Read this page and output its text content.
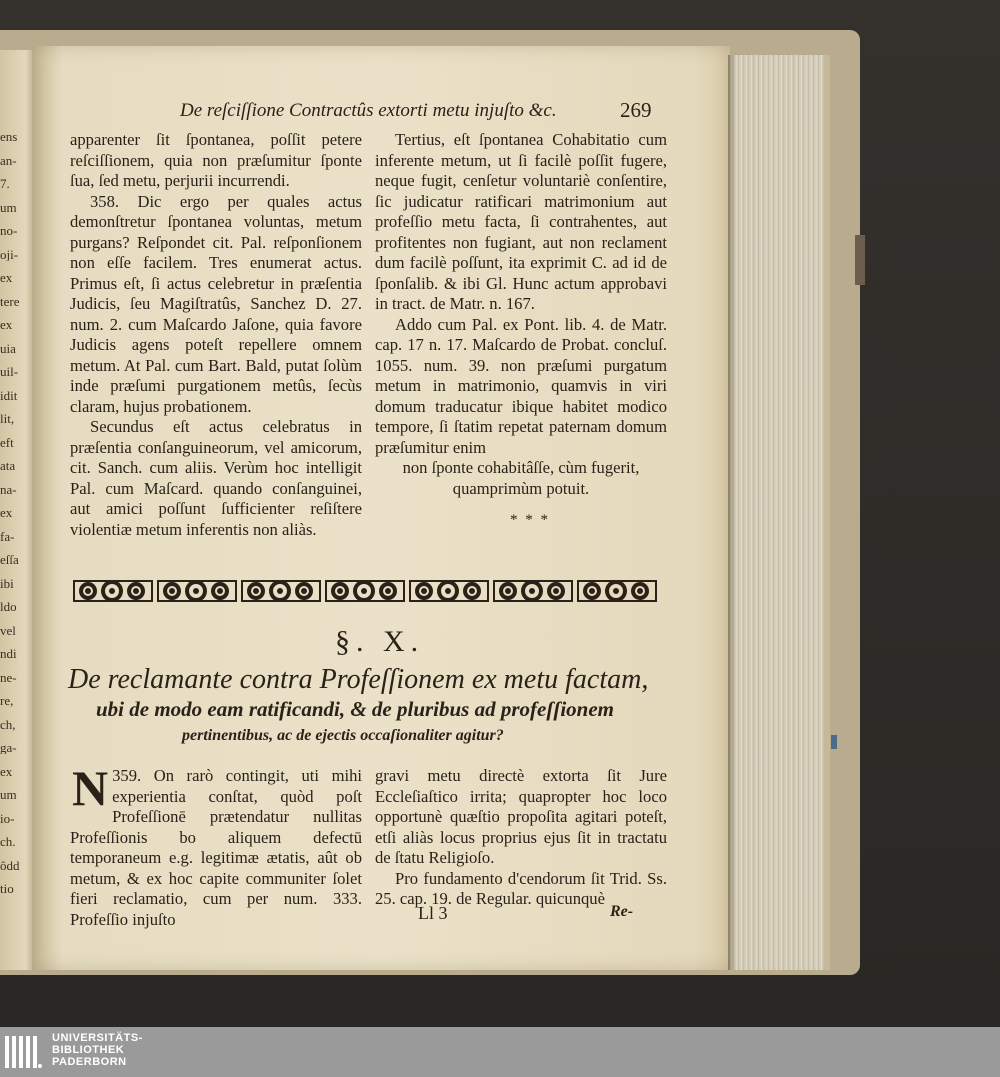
ens
an-
7.
um
no-
oji-
ex
tere
ex
uia
uil-
idit
lit,
eft
ata
na-
ex
fa-
eſſa
ibi
ldo
vel
ndi
ne-
re,
ch,
ga-
ex
um
io-
ch.
ôdd
tio
De reſciſſione Contractûs extorti metu injuſto &c.	269

apparenter ſit ſpontanea, poſſit petere reſciſſionem, quia non præſumitur ſponte ſua, ſed metu, perjurii incurrendi.

358. Dic ergo per quales actus demonſtretur ſpontanea voluntas, metum purgans? Reſpondet cit. Pal. reſponſionem non eſſe facilem. Tres enumerat actus. Primus eſt, ſi actus celebretur in præſentia Judicis, ſeu Magiſtratûs, Sanchez D. 27. num. 2. cum Maſcardo Jaſone, quia favore Judicis agens poteſt repellere omnem metum. At Pal. cum Bart. Bald, putat ſolùm inde præſumi purgationem metûs, ſecùs claram, hujus probationem.

Secundus eſt actus celebratus in præſentia conſanguineorum, vel amicorum, cit. Sanch. cum aliis. Verùm hoc intelligit Pal. cum Maſcard. quando conſanguinei, aut amici poſſunt ſufficienter reſiſtere violentiæ metum inferentis non aliàs.

Tertius, eſt ſpontanea Cohabitatio cum inferente metum, ut ſi facilè poſſit fugere, neque fugit, cenſetur voluntariè conſentire, ſic judicatur ratificari matrimonium aut profeſſio metu facta, ſi contrahentes, aut profitentes non fugiant, aut non reclament dum facilè poſſunt, ita exprimit C. ad id de ſponſalib. & ibi Gl. Hunc actum approbavi in tract. de Matr. n. 167.

Addo cum Pal. ex Pont. lib. 4. de Matr. cap. 17 n. 17. Maſcardo de Probat. concluſ. 1055. num. 39. non præſumi purgatum metum in matrimonio, quamvis in viri domum traducatur ibique habitet modico tempore, ſi ſtatim repetat paternam domum præſumitur enim

non ſponte cohabitâſſe, cùm fugerit, quamprimùm potuit.

* * *
§. X.
De reclamante contra Profeſſionem ex metu factam,
ubi de modo eam ratificandi, & de pluribus ad profeſſionem
pertinentibus, ac de ejectis occaſionaliter agitur?

359.
N	On rarò contingit, uti mihi experientia conſtat, quòd poſt Profeſſionē prætendatur nullitas Profeſſionis bo aliquem defectū temporaneum e.g. legitimæ ætatis, aût ob metum, & ex hoc capite communiter ſolet fieri reclamatio, cum per num. 333. Profeſſio injuſto

gravi metu directè extorta ſit Jure Eccleſiaſtico irrita; quapropter hoc loco opportunè quæſtio propoſita agitari poteſt, etſi aliàs locus proprius ejus ſit in tractatu de ſtatu Religioſo.

Pro fundamento d'cendorum ſit Trid. Ss. 25. cap. 19. de Regular. quicunquè

Ll 3	Re-
UNIVERSITÄTS-
BIBLIOTHEK
PADERBORN
